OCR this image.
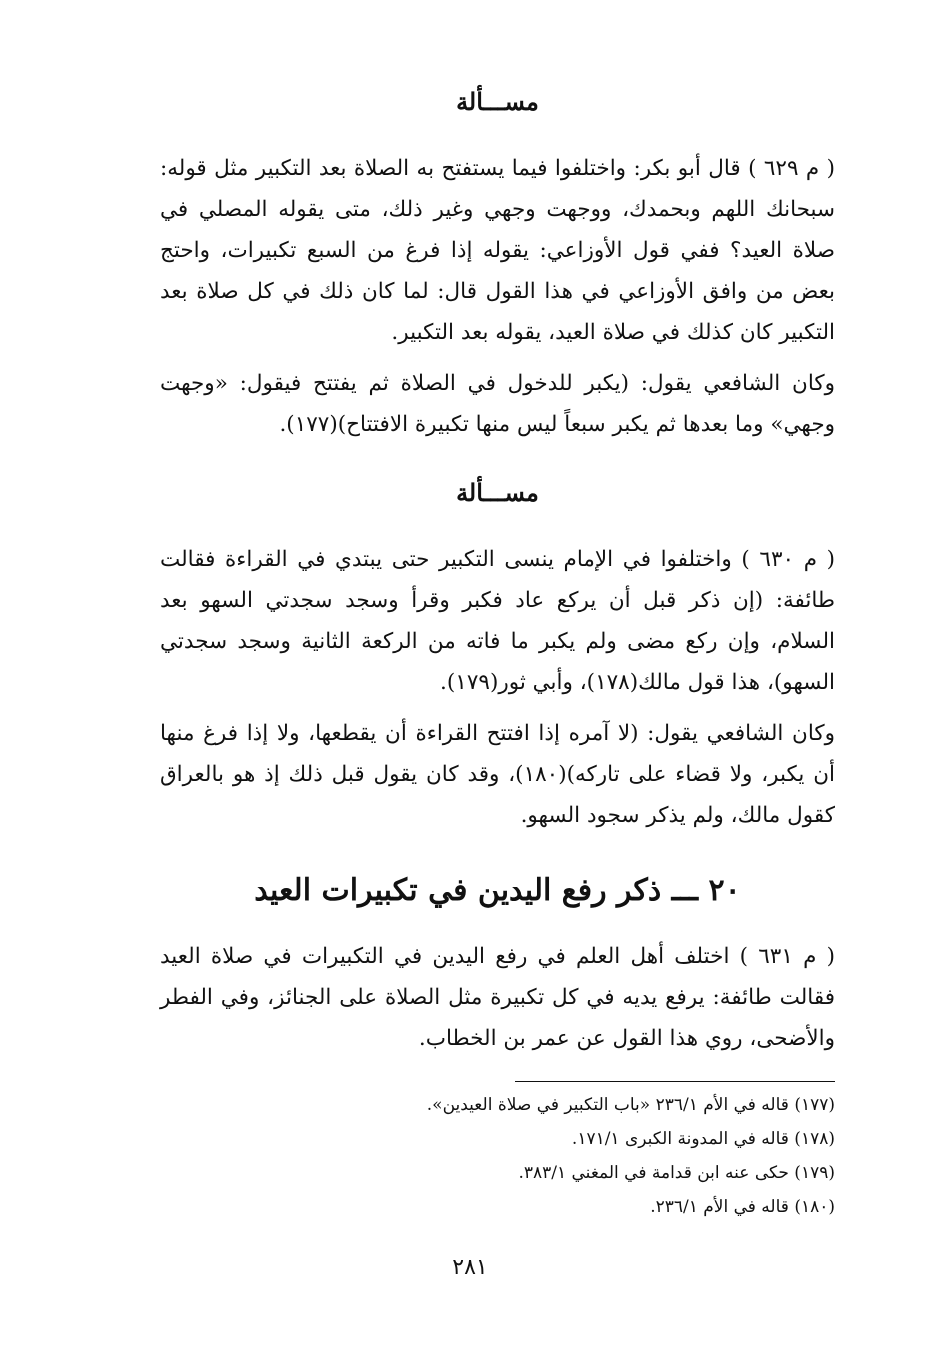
مســـألة

( م ٦٢٩ ) قال أبو بكر: واختلفوا فيما يستفتح به الصلاة بعد التكبير مثل قوله: سبحانك اللهم وبحمدك، ووجهت وجهي وغير ذلك، متى يقوله المصلي في صلاة العيد؟ ففي قول الأوزاعي: يقوله إذا فرغ من السبع تكبيرات، واحتج بعض من وافق الأوزاعي في هذا القول قال: لما كان ذلك في كل صلاة بعد التكبير كان كذلك في صلاة العيد، يقوله بعد التكبير.

وكان الشافعي يقول: (يكبر للدخول في الصلاة ثم يفتتح فيقول: «وجهت وجهي» وما بعدها ثم يكبر سبعاً ليس منها تكبيرة الافتتاح)(١٧٧).

مســـألة

( م ٦٣٠ ) واختلفوا في الإمام ينسى التكبير حتى يبتدي في القراءة فقالت طائفة: (إن ذكر قبل أن يركع عاد فكبر وقرأ وسجد سجدتي السهو بعد السلام، وإن ركع مضى ولم يكبر ما فاته من الركعة الثانية وسجد سجدتي السهو)، هذا قول مالك(١٧٨)، وأبي ثور(١٧٩).

وكان الشافعي يقول: (لا آمره إذا افتتح القراءة أن يقطعها، ولا إذا فرغ منها أن يكبر، ولا قضاء على تاركه)(١٨٠)، وقد كان يقول قبل ذلك إذ هو بالعراق كقول مالك، ولم يذكر سجود السهو.

٢٠ ـــ ذكر رفع اليدين في تكبيرات العيد

( م ٦٣١ ) اختلف أهل العلم في رفع اليدين في التكبيرات في صلاة العيد فقالت طائفة: يرفع يديه في كل تكبيرة مثل الصلاة على الجنائز، وفي الفطر والأضحى، روي هذا القول عن عمر بن الخطاب.

(١٧٧) قاله في الأم ٢٣٦/١ «باب التكبير في صلاة العيدين».

(١٧٨) قاله في المدونة الكبرى ١٧١/١.

(١٧٩) حكى عنه ابن قدامة في المغني ٣٨٣/١.

(١٨٠) قاله في الأم ٢٣٦/١.

٢٨١
